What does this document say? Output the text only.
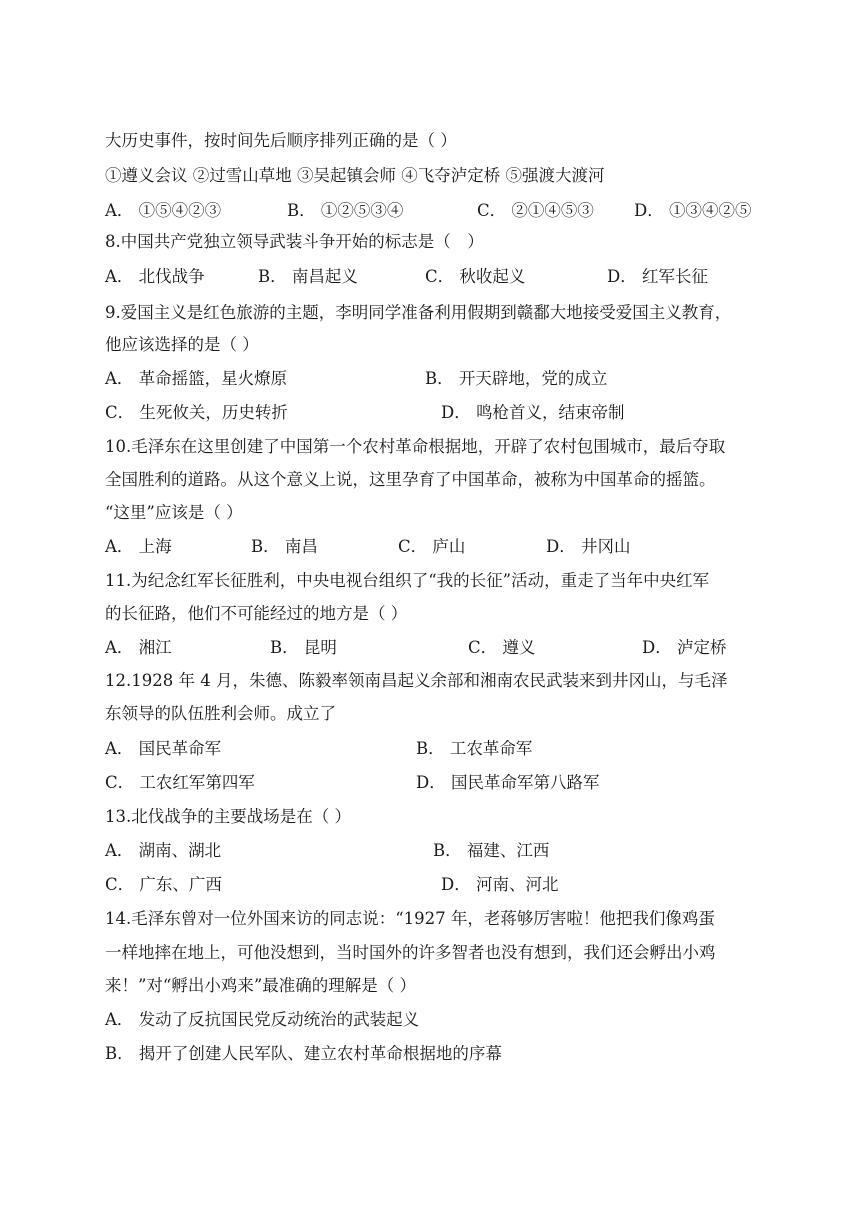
大历史事件，按时间先后顺序排列正确的是（ ）
①遵义会议 ②过雪山草地 ③吴起镇会师 ④飞夺泸定桥 ⑤强渡大渡河
A． ①⑤④②③	B． ①②⑤③④	C． ②①④⑤③ D． ①③④②⑤
8.中国共产党独立领导武装斗争开始的标志是（　）
A． 北伐战争	B． 南昌起义	C． 秋收起义	D． 红军长征
9.爱国主义是红色旅游的主题，李明同学准备利用假期到赣鄱大地接受爱国主义教育，
他应该选择的是（ ）
A． 革命摇篮，星火燎原	B． 开天辟地，党的成立
C． 生死攸关，历史转折	D． 鸣枪首义，结束帝制
10.毛泽东在这里创建了中国第一个农村革命根据地，开辟了农村包围城市，最后夺取
全国胜利的道路。从这个意义上说，这里孕育了中国革命，被称为中国革命的摇篮。
“这里”应该是（ ）
A． 上海	B． 南昌	C． 庐山	D． 井冈山
11.为纪念红军长征胜利，中央电视台组织了“我的长征”活动，重走了当年中央红军
的长征路，他们不可能经过的地方是（ ）
A． 湘江	B． 昆明	C． 遵义	D． 泸定桥
12.1928 年 4 月，朱德、陈毅率领南昌起义余部和湘南农民武装来到井冈山，与毛泽
东领导的队伍胜利会师。成立了
A． 国民革命军	B． 工农革命军
C． 工农红军第四军	D． 国民革命军第八路军
13.北伐战争的主要战场是在（ ）
A． 湖南、湖北	B． 福建、江西
C． 广东、广西	D． 河南、河北
14.毛泽东曾对一位外国来访的同志说：“1927 年，老蒋够厉害啦！他把我们像鸡蛋
一样地摔在地上，可他没想到，当时国外的许多智者也没有想到，我们还会孵出小鸡
来！”对“孵出小鸡来”最准确的理解是（ ）
A． 发动了反抗国民党反动统治的武装起义
B． 揭开了创建人民军队、建立农村革命根据地的序幕
